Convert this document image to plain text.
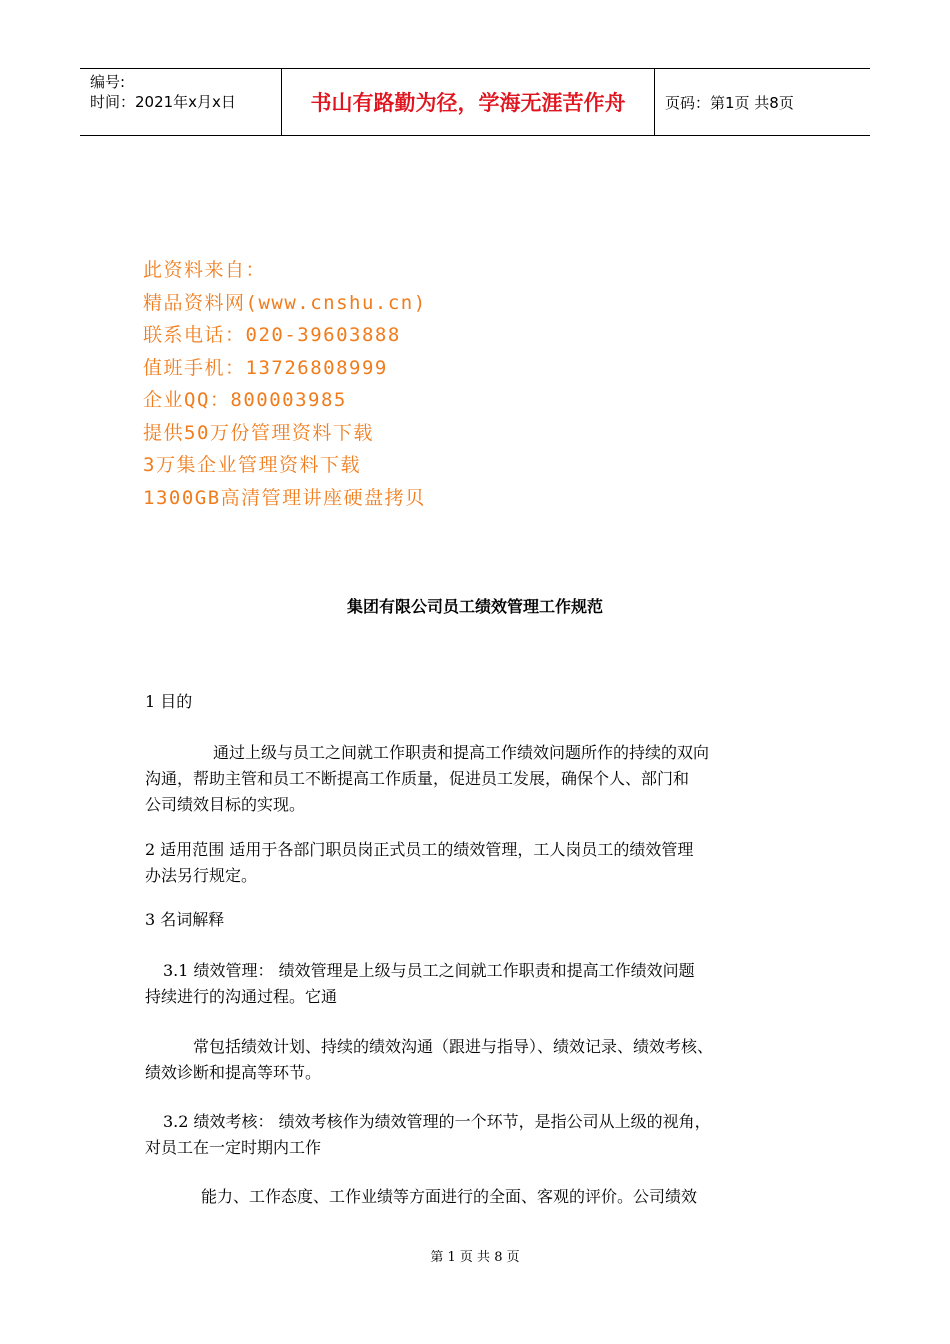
编号:
时间：2021年x月x日	书山有路勤为径，学海无涯苦作舟	页码：第1页 共8页
此资料来自：
精品资料网(www.cnshu.cn)
联系电话：020-39603888
值班手机：13726808999
企业QQ：800003985
提供50万份管理资料下载
3万集企业管理资料下载
1300GB高清管理讲座硬盘拷贝
集团有限公司员工绩效管理工作规范
1 目的
通过上级与员工之间就工作职责和提高工作绩效问题所作的持续的双向
沟通，帮助主管和员工不断提高工作质量，促进员工发展，确保个人、部门和
公司绩效目标的实现。
2 适用范围 适用于各部门职员岗正式员工的绩效管理，工人岗员工的绩效管理
办法另行规定。
3 名词解释
3.1 绩效管理： 绩效管理是上级与员工之间就工作职责和提高工作绩效问题
持续进行的沟通过程。它通
常包括绩效计划、持续的绩效沟通（跟进与指导）、绩效记录、绩效考核、
绩效诊断和提高等环节。
3.2 绩效考核： 绩效考核作为绩效管理的一个环节，是指公司从上级的视角，
对员工在一定时期内工作
能力、工作态度、工作业绩等方面进行的全面、客观的评价。公司绩效
第 1 页 共 8 页
